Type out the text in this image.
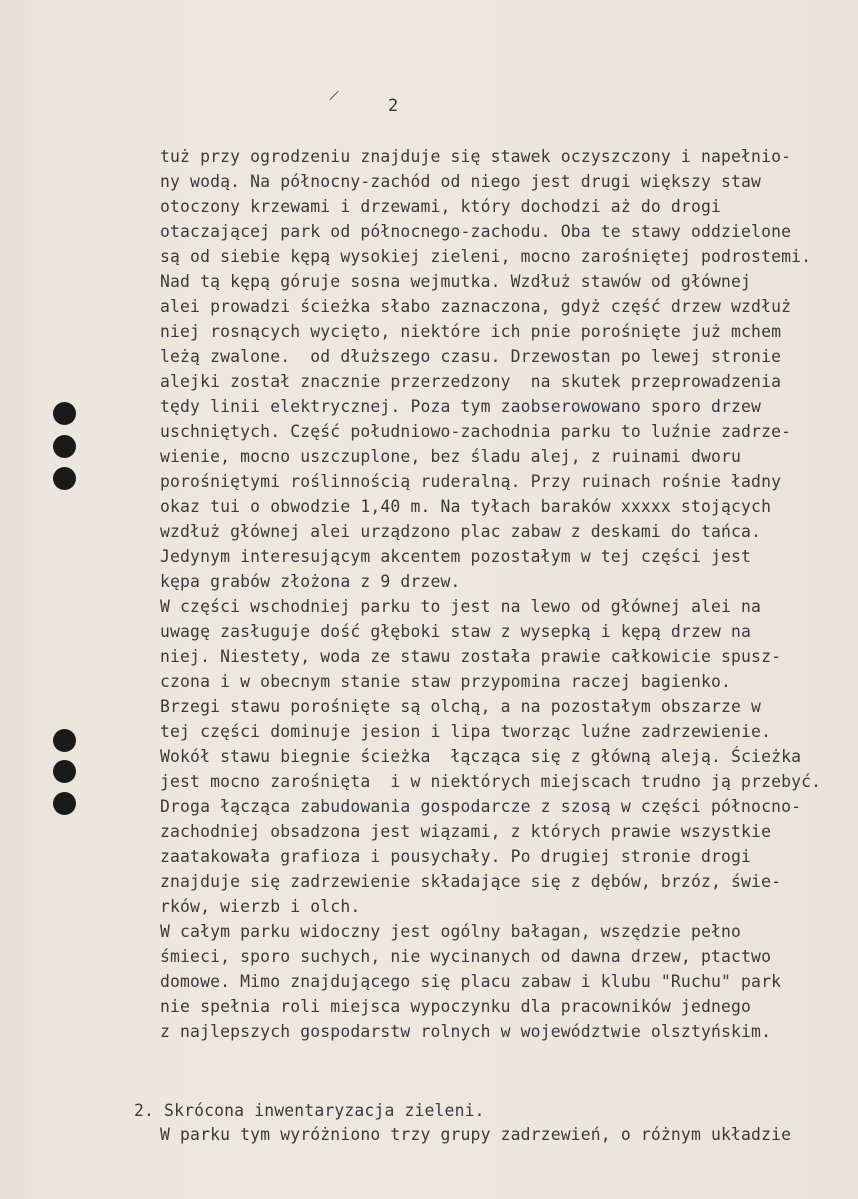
2
tuż przy ogrodzeniu znajduje się stawek oczyszczony i napełnio-
ny wodą. Na północny-zachód od niego jest drugi większy staw
otoczony krzewami i drzewami, który dochodzi aż do drogi
otaczającej park od północnego-zachodu. Oba te stawy oddzielone
są od siebie kępą wysokiej zieleni, mocno zarośniętej podrostemi.
Nad tą kępą góruje sosna wejmutka. Wzdłuż stawów od głównej
alei prowadzi ścieżka słabo zaznaczona, gdyż część drzew wzdłuż
niej rosnących wycięto, niektóre ich pnie porośnięte już mchem
leżą zwalone.  od dłuższego czasu. Drzewostan po lewej stronie
alejki został znacznie przerzedzony  na skutek przeprowadzenia
tędy linii elektrycznej. Poza tym zaobserowowano sporo drzew
uschniętych. Część południowo-zachodnia parku to luźnie zadrze-
wienie, mocno uszczuplone, bez śladu alej, z ruinami dworu
porośniętymi roślinnością ruderalną. Przy ruinach rośnie ładny
okaz tui o obwodzie 1,40 m. Na tyłach baraków xxxxx stojących
wzdłuż głównej alei urządzono plac zabaw z deskami do tańca.
Jedynym interesującym akcentem pozostałym w tej części jest
kępa grabów złożona z 9 drzew.
W części wschodniej parku to jest na lewo od głównej alei na
uwagę zasługuje dość głęboki staw z wysepką i kępą drzew na
niej. Niestety, woda ze stawu została prawie całkowicie spusz-
czona i w obecnym stanie staw przypomina raczej bagienko.
Brzegi stawu porośnięte są olchą, a na pozostałym obszarze w
tej części dominuje jesion i lipa tworząc luźne zadrzewienie.
Wokół stawu biegnie ścieżka  łącząca się z główną aleją. Ścieżka
jest mocno zarośnięta  i w niektórych miejscach trudno ją przebyć.
Droga łącząca zabudowania gospodarcze z szosą w części północno-
zachodniej obsadzona jest wiązami, z których prawie wszystkie
zaatakowała grafioza i pousychały. Po drugiej stronie drogi
znajduje się zadrzewienie składające się z dębów, brzóz, świe-
rków, wierzb i olch.
W całym parku widoczny jest ogólny bałagan, wszędzie pełno
śmieci, sporo suchych, nie wycinanych od dawna drzew, ptactwo
domowe. Mimo znajdującego się placu zabaw i klubu "Ruchu" park
nie spełnia roli miejsca wypoczynku dla pracowników jednego
z najlepszych gospodarstw rolnych w województwie olsztyńskim.
2. Skrócona inwentaryzacja zieleni.
W parku tym wyróżniono trzy grupy zadrzewień, o różnym układzie
